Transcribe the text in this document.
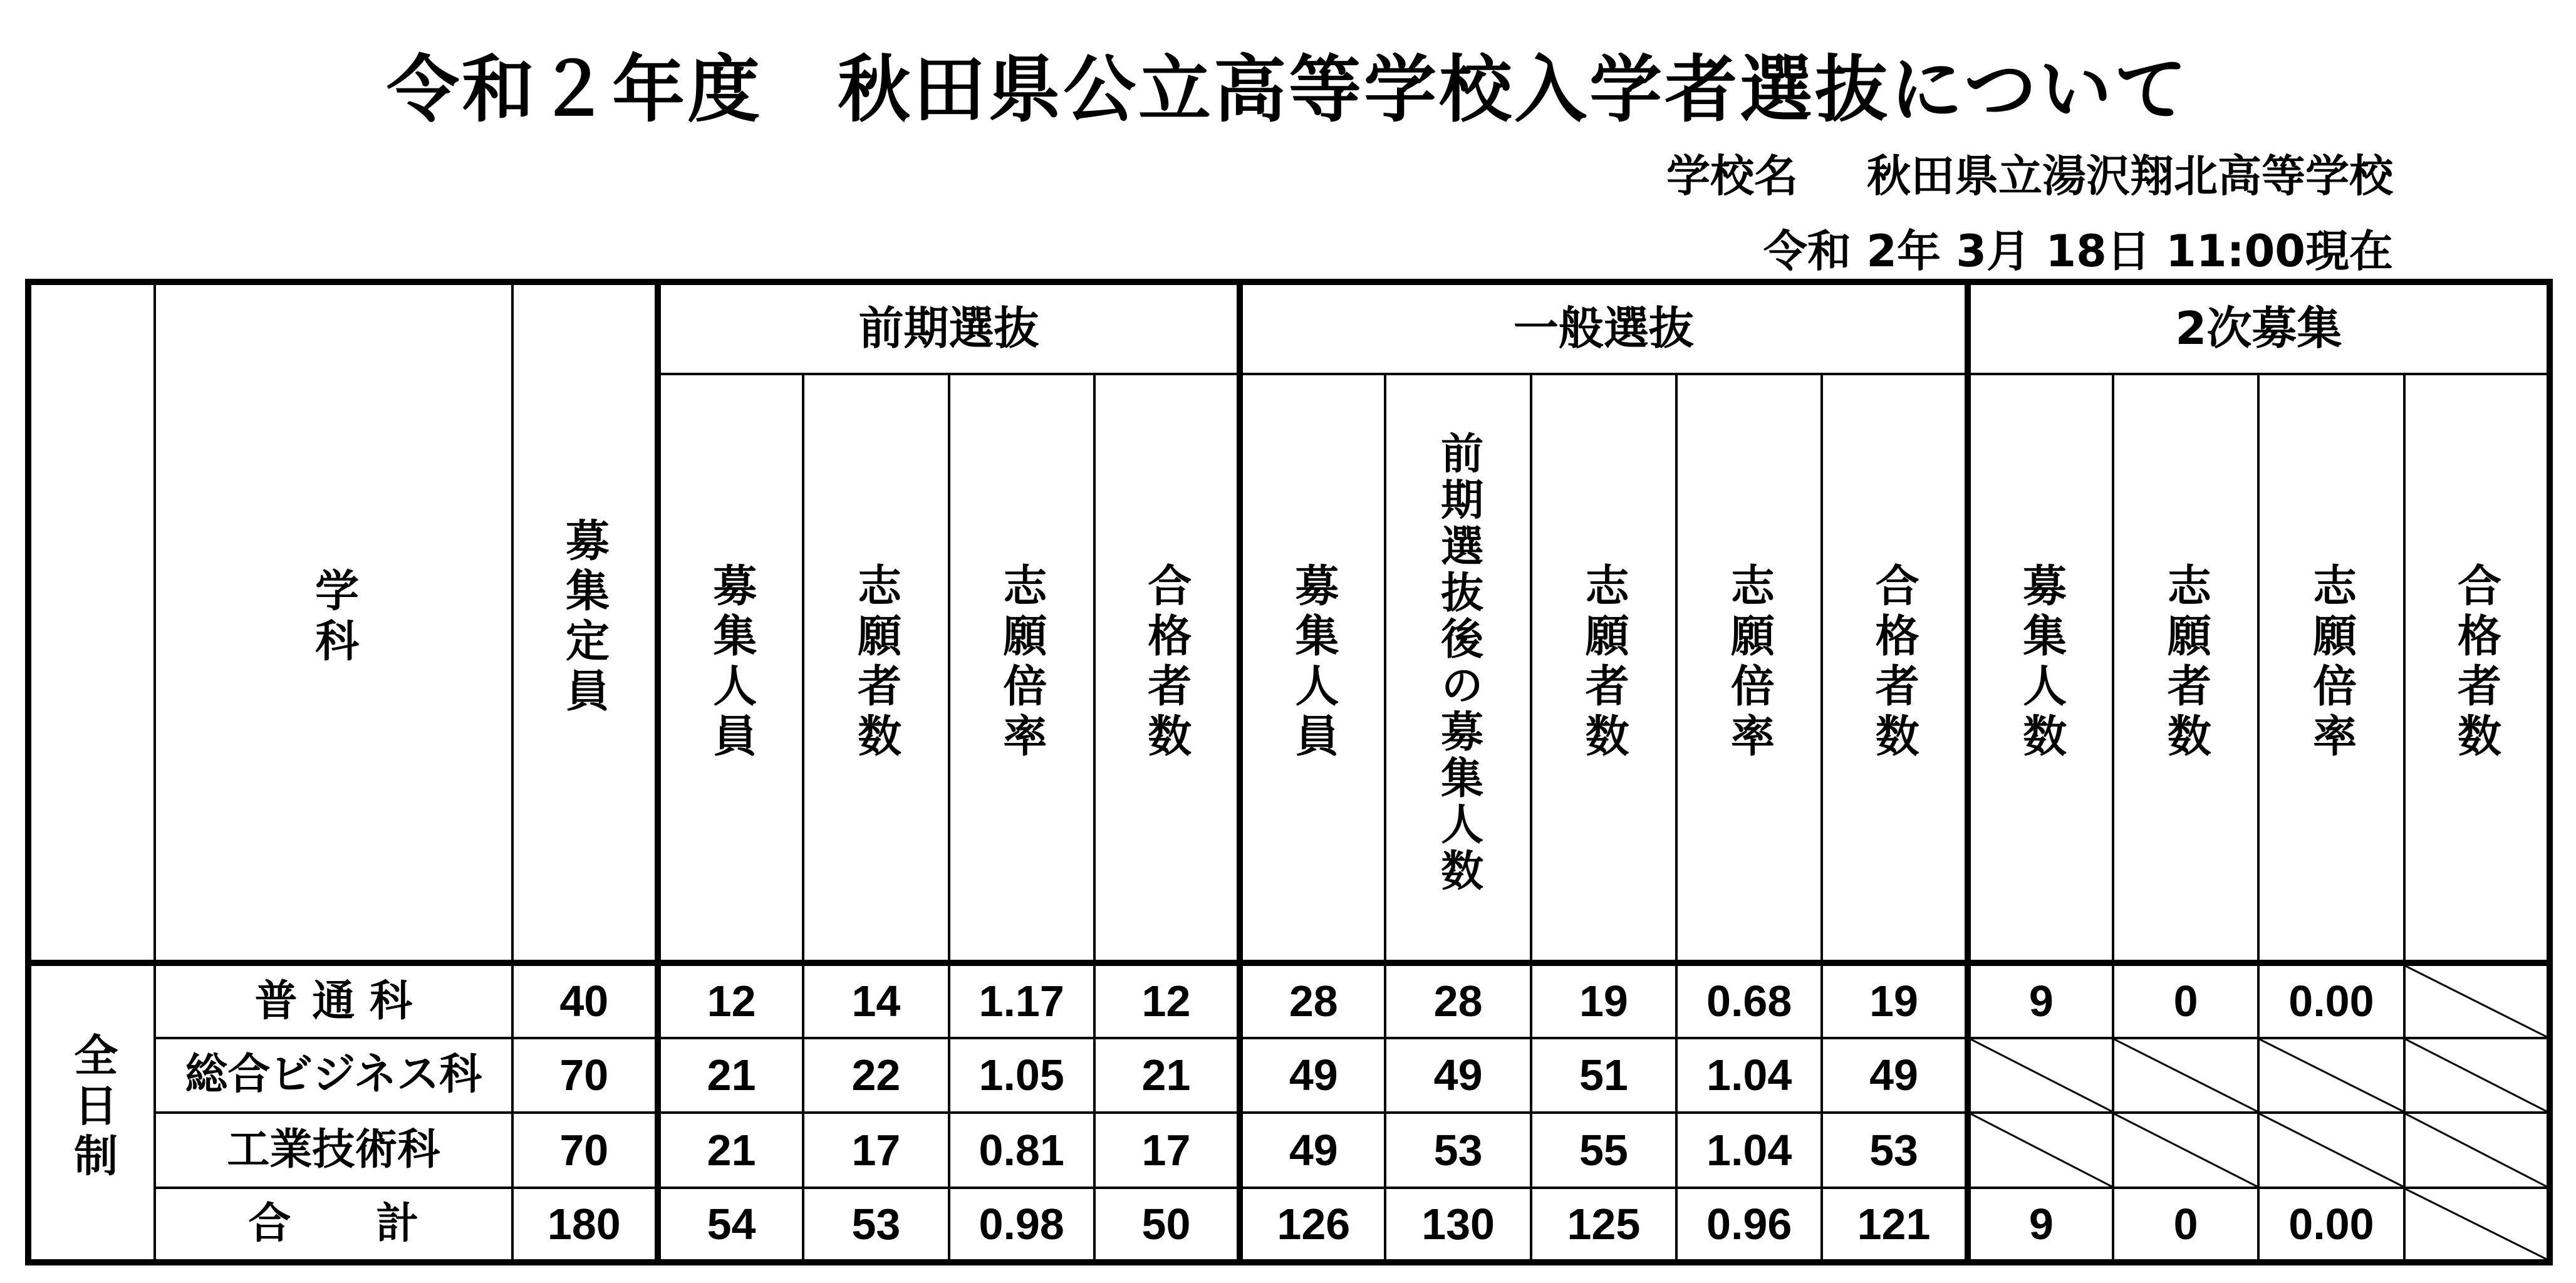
令和２年度　秋田県公立高等学校入学者選抜について
学校名 秋田県立湯沢翔北高等学校
令和 2年 3月 18日 11:00現在
	学科	募集定員	前期選抜				一般選抜					2次募集			
			募集人員	志願者数	志願倍率	合格者数	募集人員	前期選抜後の募集人数	志願者数	志願倍率	合格者数	募集人数	志願者数	志願倍率	合格者数
全日制	普 通 科	40	12	14	1.17	12	28	28	19	0.68	19	9	0	0.00	
	総合ビジネス科	70	21	22	1.05	21	49	49	51	1.04	49				
	工業技術科	70	21	17	0.81	17	49	53	55	1.04	53				
	合　　計	180	54	53	0.98	50	126	130	125	0.96	121	9	0	0.00	
